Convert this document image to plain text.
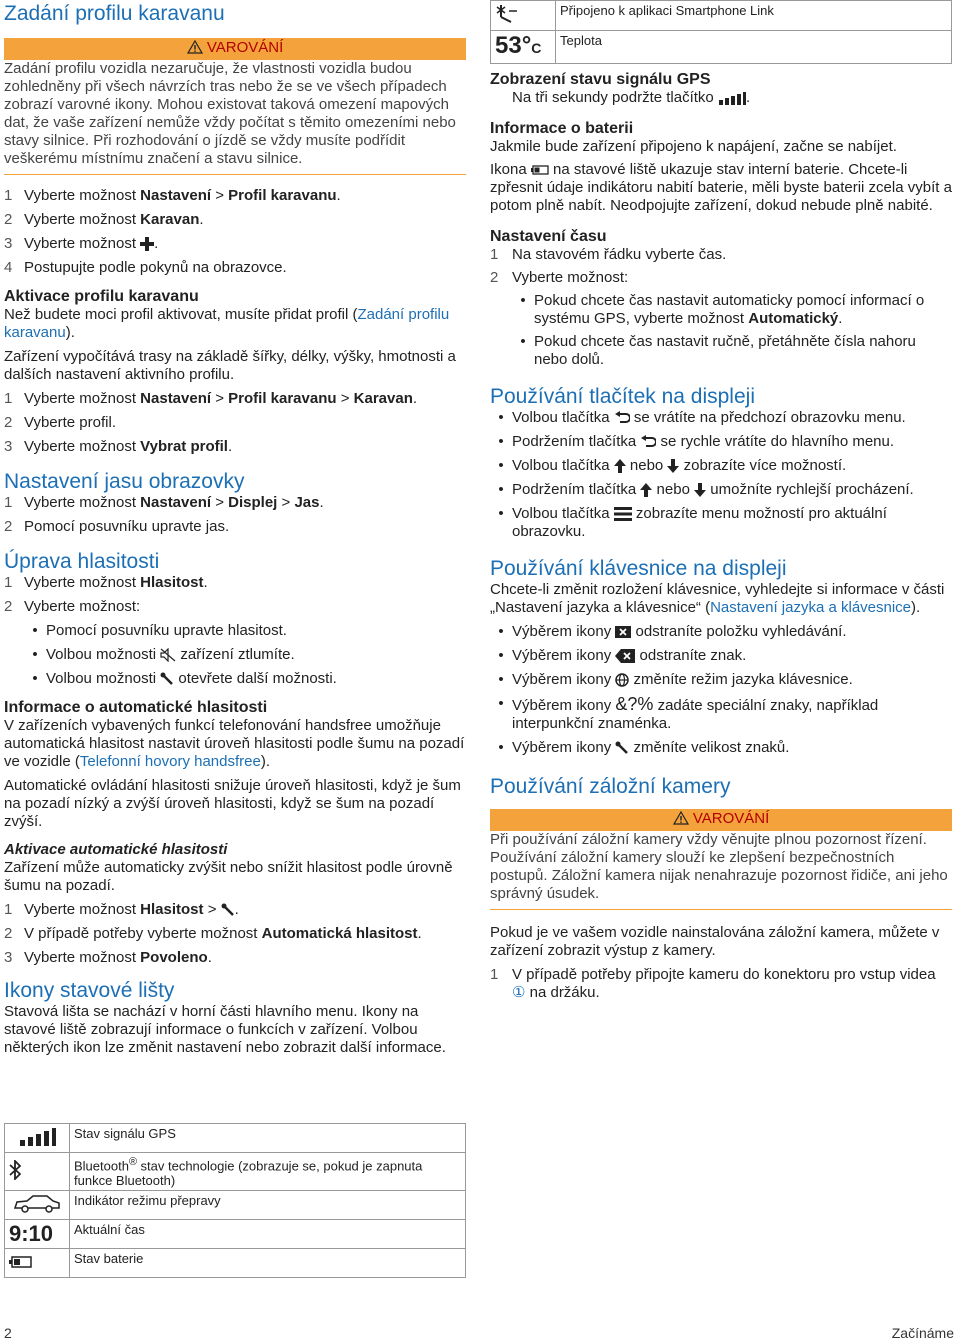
Zadání profilu karavanu
VAROVÁNÍ

Zadání profilu vozidla nezaručuje, že vlastnosti vozidla budou zohledněny při všech návrzích tras nebo že se ve všech případech zobrazí varovné ikony. Mohou existovat taková omezení mapových dat, že vaše zařízení nemůže vždy počítat s těmito omezeními nebo stavy silnice. Při rozhodování o jízdě se vždy musíte podřídit veškerému místnímu značení a stavu silnice.

1 Vyberte možnost Nastavení > Profil karavanu.
2 Vyberte možnost Karavan.
3 Vyberte možnost .
4 Postupujte podle pokynů na obrazovce.
Aktivace profilu karavanu

Než budete moci profil aktivovat, musíte přidat profil (Zadání profilu karavanu).

Zařízení vypočítává trasy na základě šířky, délky, výšky, hmotnosti a dalších nastavení aktivního profilu.

1 Vyberte možnost Nastavení > Profil karavanu > Karavan.
2 Vyberte profil.
3 Vyberte možnost Vybrat profil.
Nastavení jasu obrazovky
1 Vyberte možnost Nastavení > Displej > Jas.
2 Pomocí posuvníku upravte jas.
Úprava hlasitosti
1 Vyberte možnost Hlasitost.
2 Vyberte možnost:
• Pomocí posuvníku upravte hlasitost.
• Volbou možnosti  zařízení ztlumíte.
• Volbou možnosti  otevřete další možnosti.
Informace o automatické hlasitosti

V zařízeních vybavených funkcí telefonování handsfree umožňuje automatická hlasitost nastavit úroveň hlasitosti podle šumu na pozadí ve vozidle (Telefonní hovory handsfree).

Automatické ovládání hlasitosti snižuje úroveň hlasitosti, když je šum na pozadí nízký a zvýší úroveň hlasitosti, když se šum na pozadí zvýší.

Aktivace automatické hlasitosti

Zařízení může automaticky zvýšit nebo snížit hlasitost podle úrovně šumu na pozadí.

1 Vyberte možnost Hlasitost > .
2 V případě potřeby vyberte možnost Automatická hlasitost.
3 Vyberte možnost Povoleno.
Ikony stavové lišty

Stavová lišta se nachází v horní části hlavního menu. Ikony na stavové liště zobrazují informace o funkcích v zařízení. Volbou některých ikon lze změnit nastavení nebo zobrazit další informace.

	Stav signálu GPS
	Bluetooth® stav technologie (zobrazuje se, pokud je zapnuta funkce Bluetooth)
	Indikátor režimu přepravy
9:10	Aktuální čas
	Stav baterie
	Připojeno k aplikaci Smartphone Link
53°C	Teplota
Zobrazení stavu signálu GPS

Na tři sekundy podržte tlačítko .

Informace o baterii

Jakmile bude zařízení připojeno k napájení, začne se nabíjet.

Ikona  na stavové liště ukazuje stav interní baterie. Chcete-li zpřesnit údaje indikátoru nabití baterie, měli byste baterii zcela vybít a potom plně nabít. Neodpojujte zařízení, dokud nebude plně nabité.

Nastavení času
1 Na stavovém řádku vyberte čas.
2 Vyberte možnost:
• Pokud chcete čas nastavit automaticky pomocí informací o systému GPS, vyberte možnost Automatický.
• Pokud chcete čas nastavit ručně, přetáhněte čísla nahoru nebo dolů.
Používání tlačítek na displeji
• Volbou tlačítka  se vrátíte na předchozí obrazovku menu.
• Podržením tlačítka  se rychle vrátíte do hlavního menu.
• Volbou tlačítka  nebo  zobrazíte více možností.
• Podržením tlačítka  nebo  umožníte rychlejší procházení.
• Volbou tlačítka  zobrazíte menu možností pro aktuální obrazovku.
Používání klávesnice na displeji

Chcete-li změnit rozložení klávesnice, vyhledejte si informace v části „Nastavení jazyka a klávesnice“ (Nastavení jazyka a klávesnice).

• Výběrem ikony  odstraníte položku vyhledávání.
• Výběrem ikony  odstraníte znak.
• Výběrem ikony  změníte režim jazyka klávesnice.
• Výběrem ikony &?% zadáte speciální znaky, například interpunkční znaménka.
• Výběrem ikony  změníte velikost znaků.
Používání záložní kamery
VAROVÁNÍ

Při používání záložní kamery vždy věnujte plnou pozornost řízení. Používání záložní kamery slouží ke zlepšení bezpečnostních postupů. Záložní kamera nijak nenahrazuje pozornost řidiče, ani jeho správný úsudek.

Pokud je ve vašem vozidle nainstalována záložní kamera, můžete v zařízení zobrazit výstup z kamery.

1 V případě potřeby připojte kameru do konektoru pro vstup videa ① na držáku.
2	Začínáme
